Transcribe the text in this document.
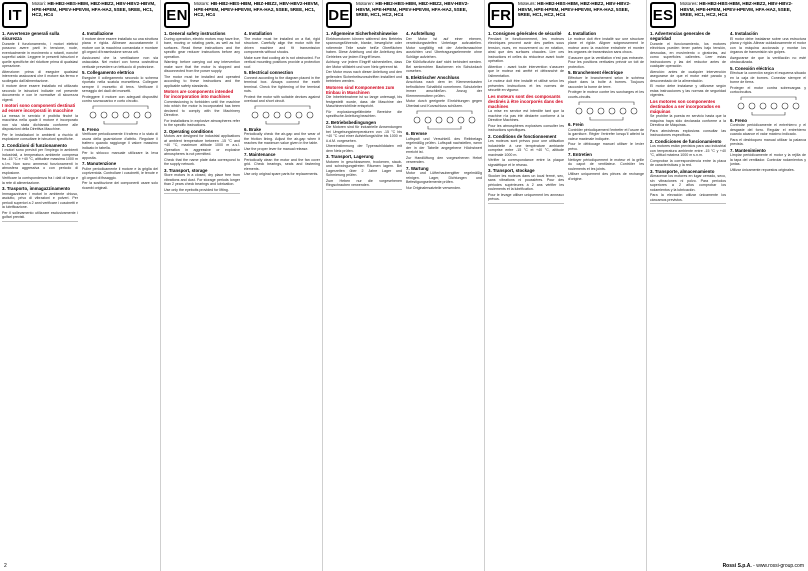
IT
Motori: HB-HB2-HBS-HBM, HBZ-HBZ2, HBV-HBV2-HBVM, HPE-HPEM, HPEV-HPEVM, HFA-HA2, 5SEE, 5REE, HC1, HC2, HC4
1. Avvertenze generali sulla sicurezza

Durante il funzionamento, i motori elettrici possono avere parti in tensione, nude, eventualmente in movimento o rotanti, nonché superfici calde. Leggere le presenti istruzioni e quelle specifiche del riduttore prima di qualsiasi operazione.

Attenzione: prima di eseguire qualsiasi intervento assicurarsi che il motore sia fermo e scollegato dall'alimentazione.

Il motore deve essere installato ed utilizzato secondo le istruzioni indicate nel presente documento e con le normative di sicurezza vigenti.

I motori sono componenti destinati ad essere incorporati in macchine

La messa in servizio è proibita finché la macchina nella quale il motore è incorporato non sia stata dichiarata conforme alle disposizioni della Direttiva Macchine.

Per le installazioni in ambienti a rischio di esplosione consultare le istruzioni specifiche.

2. Condizioni di funzionamento

I motori sono previsti per l'impiego in ambienti industriali, a temperatura ambiente compresa fra -15 °C e +40 °C, altitudine massima 1000 m s.l.m. Non sono ammessi funzionamenti in atmosfera aggressiva o con pericolo di esplosione.

Verificare la corrispondenza fra i dati di targa e la rete di alimentazione.

3. Trasporto, immagazzinamento

Immagazzinare i motori in ambiente chiuso, asciutto, privo di vibrazioni e polveri. Per periodi superiori a 2 anni verificare i cuscinetti e la lubrificazione.

Per il sollevamento utilizzare esclusivamente i golfari previsti.

4. Installazione

Il motore deve essere installato su una struttura piana e rigida. Allineare accuratamente il motore con la macchina comandata e montare gli organi di trasmissione senza urti.

Assicurarsi che la ventilazione non sia ostacolata. Nei motori con forma costruttiva verticale prevedere un tettuccio di protezione.

5. Collegamento elettrico

Eseguire il collegamento secondo lo schema riportato nella scatola morsettiera. Collegare sempre il morsetto di terra. Verificare il serraggio dei dadi dei morsetti.

Proteggere il motore con adeguati dispositivi contro sovraccarico e corto circuito.

6. Freno

Verificare periodicamente il traferro e lo stato di usura della guarnizione d'attrito. Regolare il traferro quando raggiunge il valore massimo indicato in tabella.

Per lo sblocco manuale utilizzare la leva apposita.

7. Manutenzione

Pulire periodicamente il motore e la griglia del copriventola. Controllare i cuscinetti, le tenute e gli organi di fissaggio.

Per la sostituzione dei componenti usare solo ricambi originali.

EN
Motors: HB-HB2-HBS-HBM, HBZ-HBZ2, HBV-HBV2-HBVM, HPE-HPEM, HPEV-HPEVM, HFA-HA2, 5SEE, 5REE, HC1, HC2, HC4
1. General safety instructions

During operation, electric motors may have live, bare, moving or rotating parts, as well as hot surfaces. Read these instructions and the specific gear reducer instructions before any operation.

Warning: before carrying out any intervention make sure that the motor is stopped and disconnected from the power supply.

The motor must be installed and operated according to these instructions and the applicable safety standards.

Motors are components intended for incorporation into machines

Commissioning is forbidden until the machine into which the motor is incorporated has been declared to comply with the Machinery Directive.

For installations in explosive atmospheres refer to the specific instructions.

2. Operating conditions

Motors are designed for industrial applications at ambient temperature between -15 °C and +40 °C, maximum altitude 1000 m a.s.l. Operation in aggressive or explosive atmospheres is not permitted.

Check that the name plate data correspond to the supply network.

3. Transport, storage

Store motors in a closed, dry place free from vibrations and dust. For storage periods longer than 2 years check bearings and lubrication.

Use only the eyebolts provided for lifting.

4. Installation

The motor must be installed on a flat, rigid structure. Carefully align the motor with the driven machine and fit transmission components without shocks.

Make sure that cooling air is not obstructed. For vertical mounting positions provide a protection roof.

5. Electrical connection

Connect according to the diagram placed in the terminal box. Always connect the earth terminal. Check the tightening of the terminal nuts.

Protect the motor with suitable devices against overload and short circuit.

6. Brake

Periodically check the air-gap and the wear of the friction lining. Adjust the air-gap when it reaches the maximum value given in the table.

Use the proper lever for manual release.

7. Maintenance

Periodically clean the motor and the fan cover grid. Check bearings, seals and fastening elements.

Use only original spare parts for replacements.

DE
Motoren: HB-HB2-HBS-HBM, HBZ-HBZ2, HBV-HBV2-HBVM, HPE-HPEM, HPEV-HPEVM, HFA-HA2, 5SEE, 5REE, HC1, HC2, HC4
1. Allgemeine Sicherheitshinweise

Elektromotoren können während des Betriebs spannungsführende, blanke, bewegliche oder rotierende Teile sowie heiße Oberflächen haben. Diese Anleitung und die Anleitung des Getriebes vor jedem Eingriff lesen.

Achtung: vor jedem Eingriff sicherstellen, dass der Motor stillsteht und vom Netz getrennt ist.

Der Motor muss nach dieser Anleitung und den geltenden Sicherheitsvorschriften installiert und betrieben werden.

Motoren sind Komponenten zum Einbau in Maschinen

Die Inbetriebnahme ist so lange untersagt, bis festgestellt wurde, dass die Maschine der Maschinenrichtlinie entspricht.

Für explosionsgefährdete Bereiche die spezifische Anleitung beachten.

2. Betriebsbedingungen

Die Motoren sind für industrielle Anwendungen bei Umgebungstemperaturen von -15 °C bis +40 °C und einer Aufstellungshöhe bis 1000 m ü.d.M. vorgesehen.

Übereinstimmung der Typenschilddaten mit dem Netz prüfen.

3. Transport, Lagerung

Motoren in geschlossenen, trockenen, staub- und schwingungsfreien Räumen lagern. Bei Lagerzeiten über 2 Jahre Lager und Schmierung prüfen.

Zum Heben nur die vorgesehenen Ringschrauben verwenden.

4. Aufstellung

Der Motor ist auf einer ebenen, verwindungssteifen Unterlage aufzustellen. Motor sorgfältig mit der Arbeitsmaschine ausrichten und Übertragungselemente ohne Schläge aufziehen.

Die Kühlluftzufuhr darf nicht behindert werden. Bei senkrechten Bauformen ein Schutzdach vorsehen.

5. Elektrischer Anschluss

Anschluss nach dem im Klemmenkasten befindlichen Schaltbild vornehmen. Schutzleiter immer anschließen. Anzug der Klemmenmuttern prüfen.

Motor durch geeignete Einrichtungen gegen Überlast und Kurzschluss schützen.

6. Bremse

Luftspalt und Verschleiß des Reibbelags regelmäßig prüfen. Luftspalt nachstellen, wenn der in der Tabelle angegebene Höchstwert erreicht ist.

Zur Handlüftung den vorgesehenen Hebel verwenden.

7. Wartung

Motor und Lüfterhaubengitter regelmäßig reinigen. Lager, Dichtungen und Befestigungselemente prüfen.

Nur Originalersatzteile verwenden.

FR
Moteurs: HB-HB2-HBS-HBM, HBZ-HBZ2, HBV-HBV2-HBVM, HPE-HPEM, HPEV-HPEVM, HFA-HA2, 5SEE, 5REE, HC1, HC2, HC4
1. Consignes générales de sécurité

Pendant le fonctionnement, les moteurs électriques peuvent avoir des parties sous tension, nues, en mouvement ou en rotation, ainsi que des surfaces chaudes. Lire ces instructions et celles du réducteur avant toute opération.

Attention : avant toute intervention s'assurer que le moteur est arrêté et débranché de l'alimentation.

Le moteur doit être installé et utilisé selon les présentes instructions et les normes de sécurité en vigueur.

Les moteurs sont des composants destinés à être incorporés dans des machines

La mise en service est interdite tant que la machine n'a pas été déclarée conforme à la Directive Machines.

Pour les atmosphères explosives consulter les instructions spécifiques.

2. Conditions de fonctionnement

Les moteurs sont prévus pour une utilisation industrielle à une température ambiante comprise entre -15 °C et +40 °C, altitude maximale 1000 m.

Vérifier la correspondance entre la plaque signalétique et le réseau.

3. Transport, stockage

Stocker les moteurs dans un local fermé, sec, sans vibrations ni poussières. Pour des périodes supérieures à 2 ans vérifier les roulements et la lubrification.

Pour le levage utiliser uniquement les anneaux prévus.

4. Installation

Le moteur doit être installé sur une structure plane et rigide. Aligner soigneusement le moteur avec la machine entraînée et monter les organes de transmission sans chocs.

S'assurer que la ventilation n'est pas entravée. Pour les positions verticales prévoir un toit de protection.

5. Branchement électrique

Effectuer le branchement selon le schéma placé dans la boîte à bornes. Toujours raccorder la borne de terre.

Protéger le moteur contre les surcharges et les courts-circuits.

6. Frein

Contrôler périodiquement l'entrefer et l'usure de la garniture. Régler l'entrefer lorsqu'il atteint la valeur maximale indiquée.

Pour le déblocage manuel utiliser le levier prévu.

7. Entretien

Nettoyer périodiquement le moteur et la grille du capot de ventilateur. Contrôler les roulements et les joints.

Utiliser uniquement des pièces de rechange d'origine.

ES
Motores: HB-HB2-HBS-HBM, HBZ-HBZ2, HBV-HBV2-HBVM, HPE-HPEM, HPEV-HPEVM, HFA-HA2, 5SEE, 5REE, HC1, HC2, HC4
1. Advertencias generales de seguridad

Durante el funcionamiento, los motores eléctricos pueden tener partes bajo tensión, desnudas, en movimiento o giratorias, así como superficies calientes. Leer estas instrucciones y las del reductor antes de cualquier operación.

Atención: antes de cualquier intervención asegurarse de que el motor esté parado y desconectado de la alimentación.

El motor debe instalarse y utilizarse según estas instrucciones y las normas de seguridad vigentes.

Los motores son componentes destinados a ser incorporados en máquinas

Se prohíbe la puesta en servicio hasta que la máquina haya sido declarada conforme a la Directiva de Máquinas.

Para atmósferas explosivas consultar las instrucciones específicas.

2. Condiciones de funcionamiento

Los motores están previstos para uso industrial con temperatura ambiente entre -15 °C y +40 °C, altitud máxima 1000 m s.n.m.

Comprobar la correspondencia entre la placa de características y la red.

3. Transporte, almacenamiento

Almacenar los motores en lugar cerrado, seco, sin vibraciones ni polvo. Para períodos superiores a 2 años comprobar los rodamientos y la lubricación.

Para la elevación utilizar únicamente los cáncamos previstos.

4. Instalación

El motor debe instalarse sobre una estructura plana y rígida. Alinear cuidadosamente el motor con la máquina accionada y montar los órganos de transmisión sin golpes.

Asegurarse de que la ventilación no esté obstaculizada.

5. Conexión eléctrica

Efectuar la conexión según el esquema situado en la caja de bornes. Conectar siempre el borne de tierra.

Proteger el motor contra sobrecargas y cortocircuitos.

6. Freno

Controlar periódicamente el entrehierro y el desgaste del forro. Regular el entrehierro cuando alcance el valor máximo indicado.

Para el desbloqueo manual utilizar la palanca prevista.

7. Mantenimiento

Limpiar periódicamente el motor y la rejilla de la tapa del ventilador. Controlar rodamientos y juntas.

Utilizar únicamente repuestos originales.

2	Rossi S.p.A. - www.rossi-group.com
